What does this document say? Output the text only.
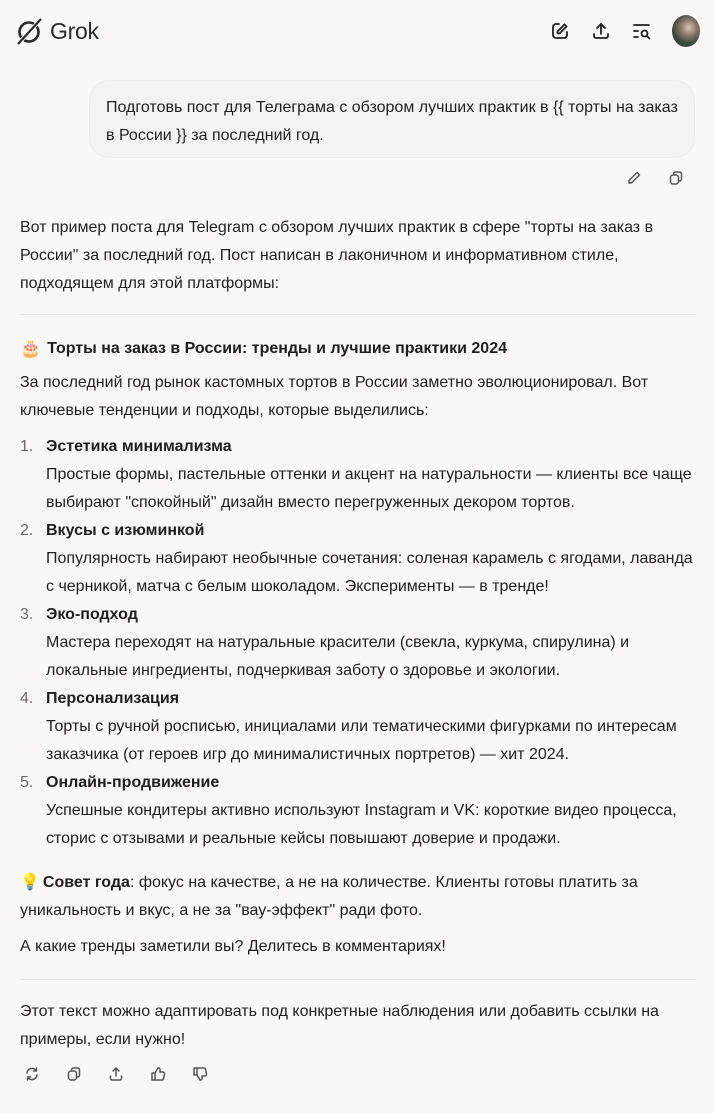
Grok
Подготовь пост для Телеграма с обзором лучших практик в {{ торты на заказ в России }} за последний год.

Вот пример поста для Telegram с обзором лучших практик в сфере "торты на заказ в России" за последний год. Пост написан в лаконичном и информативном стиле, подходящем для этой платформы:

🎂 Торты на заказ в России: тренды и лучшие практики 2024

За последний год рынок кастомных тортов в России заметно эволюционировал. Вот ключевые тенденции и подходы, которые выделились:

1. Эстетика минимализма
Простые формы, пастельные оттенки и акцент на натуральности — клиенты все чаще выбирают "спокойный" дизайн вместо перегруженных декором тортов.
2. Вкусы с изюминкой
Популярность набирают необычные сочетания: соленая карамель с ягодами, лаванда с черникой, матча с белым шоколадом. Эксперименты — в тренде!
3. Эко-подход
Мастера переходят на натуральные красители (свекла, куркума, спирулина) и локальные ингредиенты, подчеркивая заботу о здоровье и экологии.
4. Персонализация
Торты с ручной росписью, инициалами или тематическими фигурками по интересам заказчика (от героев игр до минималистичных портретов) — хит 2024.
5. Онлайн-продвижение
Успешные кондитеры активно используют Instagram и VK: короткие видео процесса, сторис с отзывами и реальные кейсы повышают доверие и продажи.

💡 Совет года: фокус на качестве, а не на количестве. Клиенты готовы платить за уникальность и вкус, а не за "вау-эффект" ради фото.

А какие тренды заметили вы? Делитесь в комментариях!

Этот текст можно адаптировать под конкретные наблюдения или добавить ссылки на примеры, если нужно!
